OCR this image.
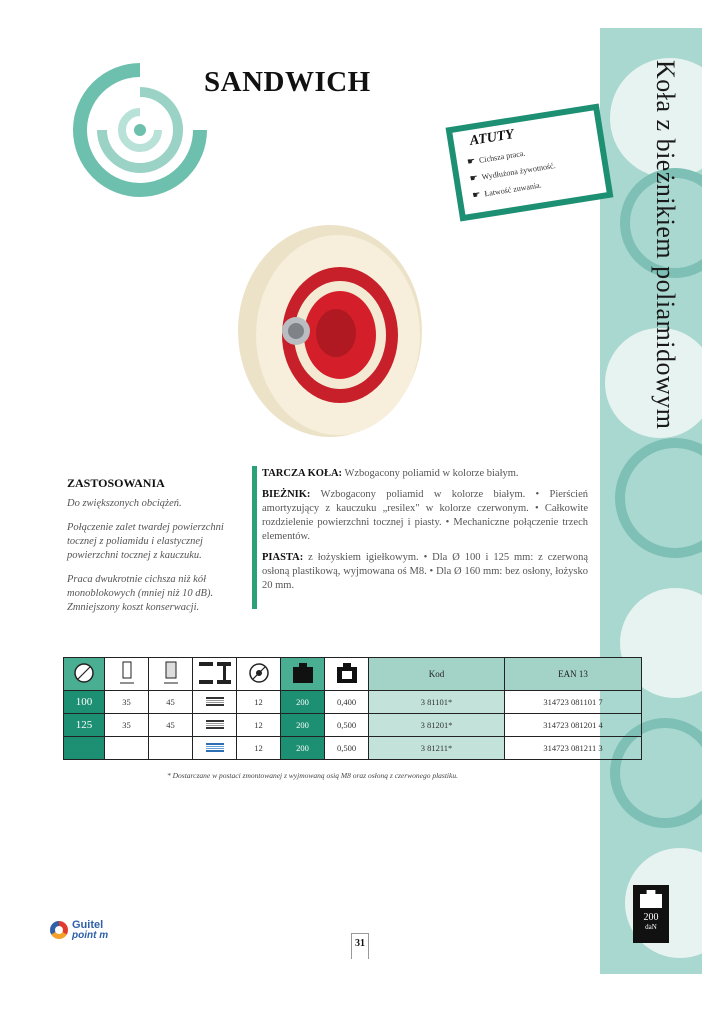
Koła z bieżnikiem poliamidowym
200
daN
SANDWICH
ATUTY
☛ Cichsza praca.
☛ Wydłużona żywotność.
☛ Łatwość zuwania.
ZASTOSOWANIA

Do zwiększonych obciążeń.

Połączenie zalet twardej powierzchni tocznej z poliamidu i elastycznej powierzchni tocznej z kauczuku.

Praca dwukrotnie cichsza niż kół monoblokowych (mniej niż 10 dB). Zmniejszony koszt konserwacji.

TARCZA KOŁA: Wzbogacony poliamid w kolorze białym.

BIEŻNIK: Wzbogacony poliamid w kolorze białym. • Pierścień amortyzujący z kauczuku „resilex" w kolorze czerwonym. • Całkowite rozdzielenie powierzchni tocznej i piasty. • Mechaniczne połączenie trzech elementów.

PIASTA: z łożyskiem igiełkowym. • Dla Ø 100 i 125 mm: z czerwoną osłoną plastikową, wyjmowana oś M8. • Dla Ø 160 mm: bez osłony, łożysko 20 mm.

							Kod	EAN 13
100	35	45		12	200	0,400	3 81101*	314723 081101 7
125	35	45		12	200	0,500	3 81201*	314723 081201 4
				12	200	0,500	3 81211*	314723 081211 3
* Dostarczane w postaci zmontowanej z wyjmowaną osią M8 oraz osłoną z czerwonego plastiku.
Guitel
point m
31
